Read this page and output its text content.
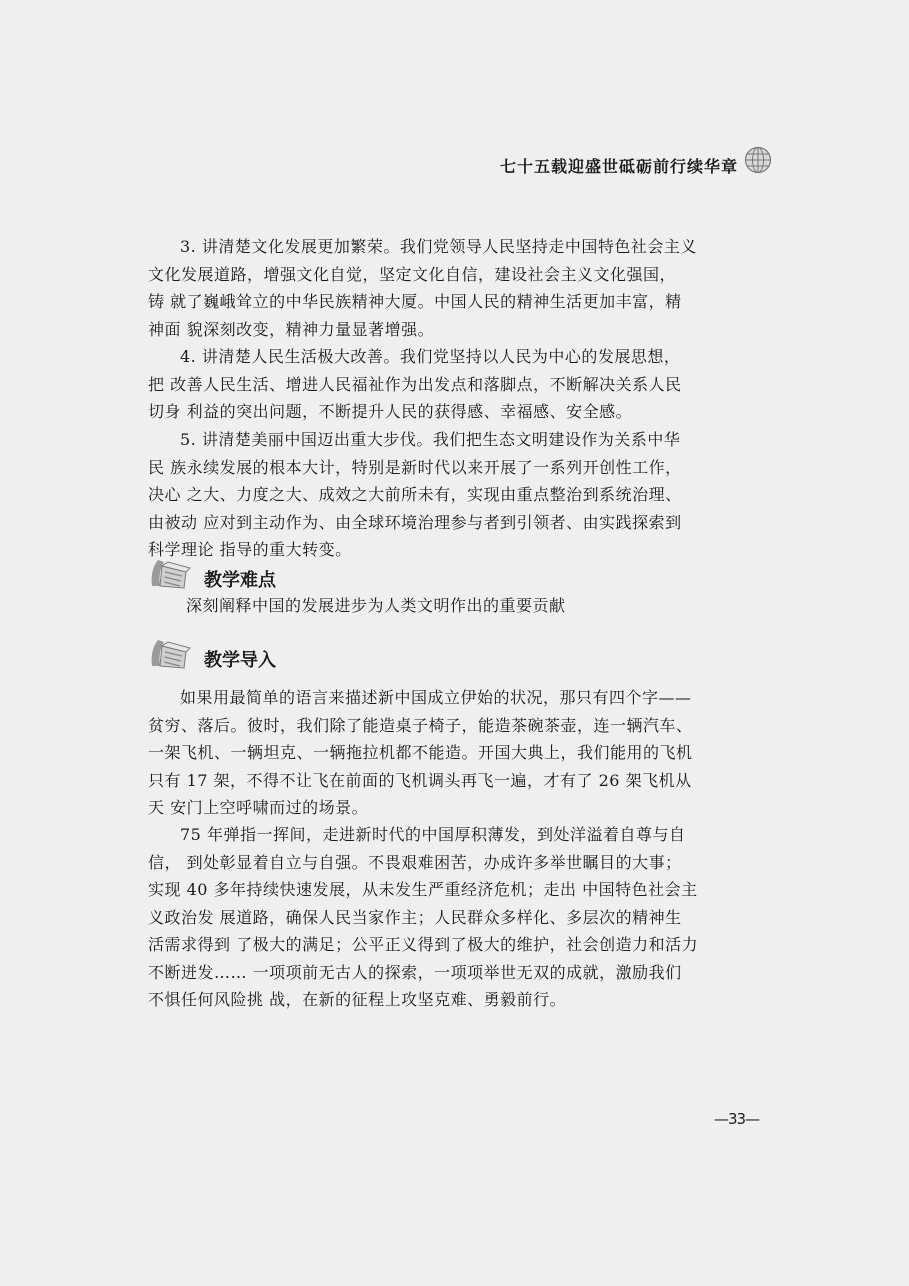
七十五载迎盛世砥砺前行续华章

3. 讲清楚文化发展更加繁荣。我们党领导人民坚持走中国特色社会主义
文化发展道路，增强文化自觉，坚定文化自信，建设社会主义文化强国，
铸 就了巍峨耸立的中华民族精神大厦。中国人民的精神生活更加丰富，精
神面 貌深刻改变，精神力量显著增强。

4. 讲清楚人民生活极大改善。我们党坚持以人民为中心的发展思想，
把 改善人民生活、增进人民福祉作为出发点和落脚点，不断解决关系人民
切身 利益的突出问题，不断提升人民的获得感、幸福感、安全感。

5. 讲清楚美丽中国迈出重大步伐。我们把生态文明建设作为关系中华
民 族永续发展的根本大计，特别是新时代以来开展了一系列开创性工作，
决心 之大、力度之大、成效之大前所未有，实现由重点整治到系统治理、
由被动 应对到主动作为、由全球环境治理参与者到引领者、由实践探索到
科学理论 指导的重大转变。

教学难点

深刻阐释中国的发展进步为人类文明作出的重要贡献

教学导入

如果用最简单的语言来描述新中国成立伊始的状况，那只有四个字——
贫穷、落后。彼时，我们除了能造桌子椅子，能造茶碗茶壶，连一辆汽车、
一架飞机、一辆坦克、一辆拖拉机都不能造。开国大典上，我们能用的飞机
只有 17 架，不得不让飞在前面的飞机调头再飞一遍，才有了 26 架飞机从
天 安门上空呼啸而过的场景。

75 年弹指一挥间，走进新时代的中国厚积薄发，到处洋溢着自尊与自
信， 到处彰显着自立与自强。不畏艰难困苦，办成许多举世瞩目的大事；
实现 40 多年持续快速发展，从未发生严重经济危机；走出 中国特色社会主
义政治发 展道路，确保人民当家作主；人民群众多样化、多层次的精神生
活需求得到 了极大的满足；公平正义得到了极大的维护，社会创造力和活力
不断迸发…… 一项项前无古人的探索，一项项举世无双的成就，激励我们
不惧任何风险挑 战，在新的征程上攻坚克难、勇毅前行。

—33—
